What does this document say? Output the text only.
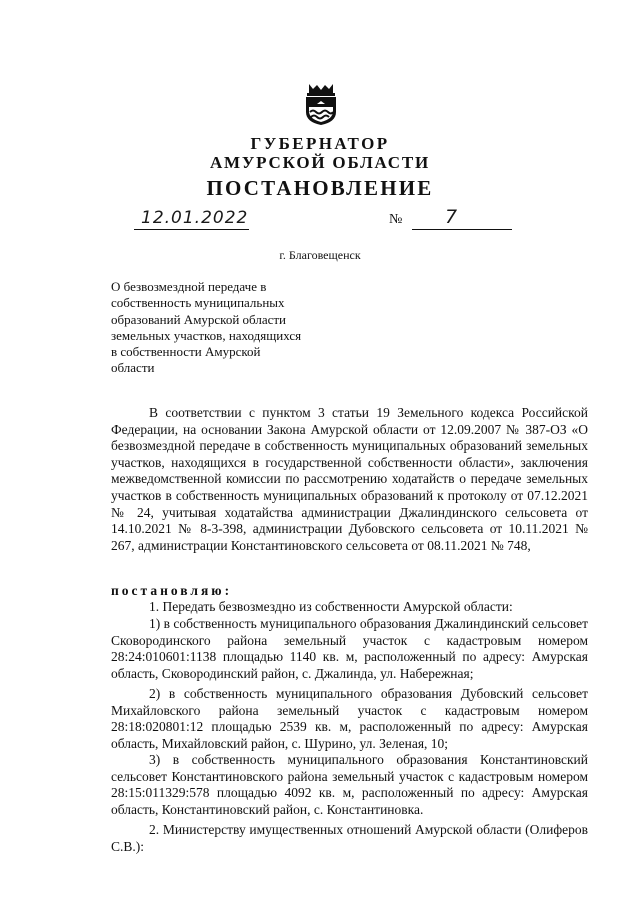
ГУБЕРНАТОР
АМУРСКОЙ ОБЛАСТИ
ПОСТАНОВЛЕНИЕ
12.01.2022	№ 7
г. Благовещенск
О безвозмездной передаче в
собственность муниципальных
образований Амурской области
земельных участков, находящихся
в собственности Амурской
области
В соответствии с пунктом 3 статьи 19 Земельного кодекса Российской Федерации, на основании Закона Амурской области от 12.09.2007 № 387-ОЗ «О безвозмездной передаче в собственность муниципальных образований земельных участков, находящихся в государственной собственности области», заключения межведомственной комиссии по рассмотрению ходатайств о передаче земельных участков в собственность муниципальных образований к протоколу от 07.12.2021 № 24, учитывая ходатайства администрации Джалиндинского сельсовета от 14.10.2021 № 8-3-398, администрации Дубовского сельсовета от 10.11.2021 № 267, администрации Константиновского сельсовета от 08.11.2021 № 748,
постановляю:
1. Передать безвозмездно из собственности Амурской области:
1) в собственность муниципального образования Джалиндинский сельсовет Сковородинского района земельный участок с кадастровым номером 28:24:010601:1138 площадью 1140 кв. м, расположенный по адресу: Амурская область, Сковородинский район, с. Джалинда, ул. Набережная;
2) в собственность муниципального образования Дубовский сельсовет Михайловского района земельный участок с кадастровым номером 28:18:020801:12 площадью 2539 кв. м, расположенный по адресу: Амурская область, Михайловский район, с. Шурино, ул. Зеленая, 10;
3) в собственность муниципального образования Константиновский сельсовет Константиновского района земельный участок с кадастровым номером 28:15:011329:578 площадью 4092 кв. м, расположенный по адресу: Амурская область, Константиновский район, с. Константиновка.
2. Министерству имущественных отношений Амурской области (Олиферов С.В.):
